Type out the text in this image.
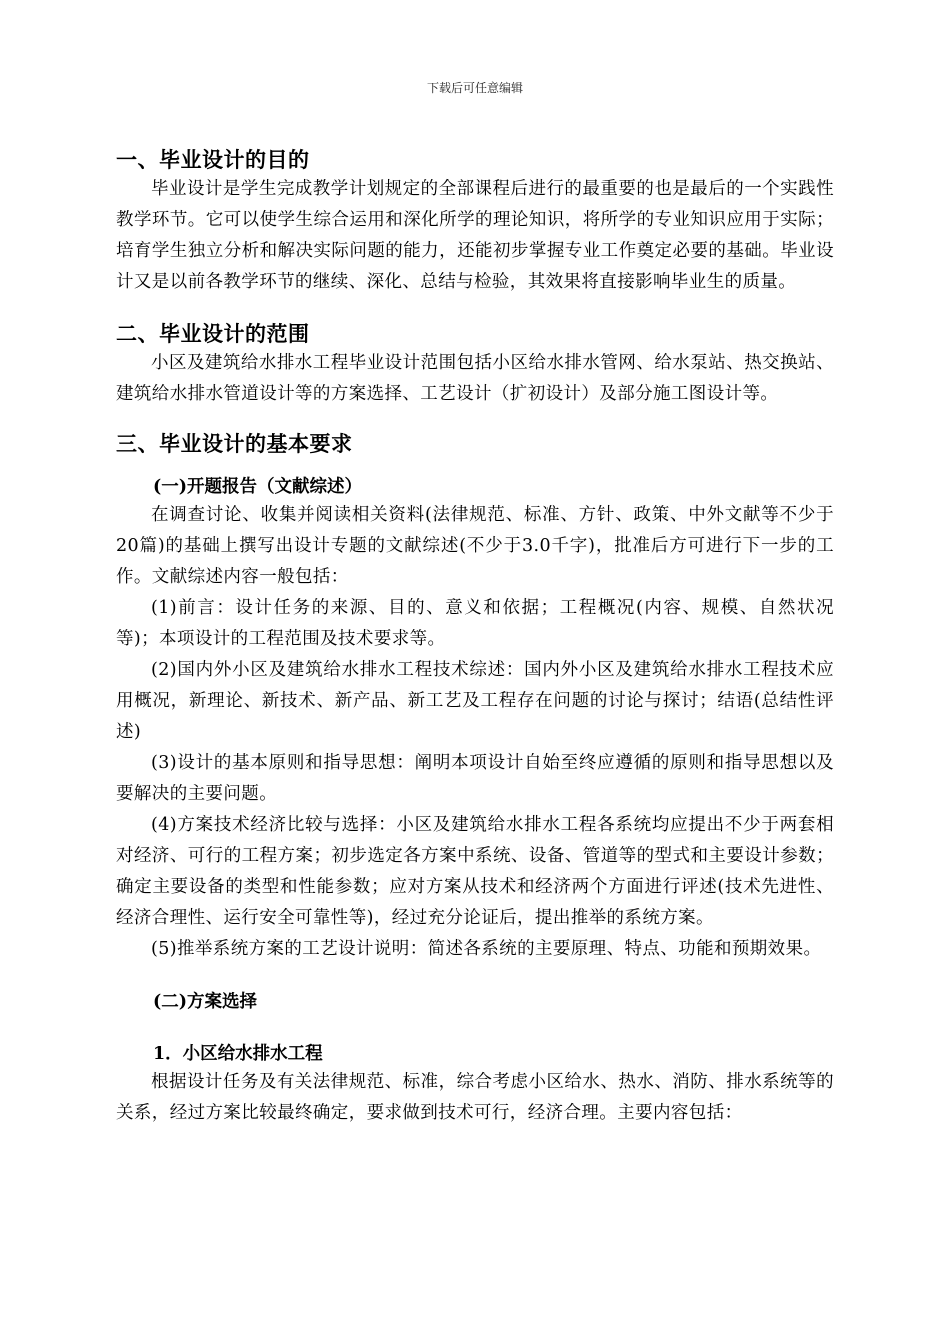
下载后可任意编辑
一、毕业设计的目的

毕业设计是学生完成教学计划规定的全部课程后进行的最重要的也是最后的一个实践性教学环节。它可以使学生综合运用和深化所学的理论知识，将所学的专业知识应用于实际；培育学生独立分析和解决实际问题的能力，还能初步掌握专业工作奠定必要的基础。毕业设计又是以前各教学环节的继续、深化、总结与检验，其效果将直接影响毕业生的质量。

二、毕业设计的范围

小区及建筑给水排水工程毕业设计范围包括小区给水排水管网、给水泵站、热交换站、建筑给水排水管道设计等的方案选择、工艺设计（扩初设计）及部分施工图设计等。

三、毕业设计的基本要求
(一)开题报告（文献综述）

在调查讨论、收集并阅读相关资料(法律规范、标准、方针、政策、中外文献等不少于20篇)的基础上撰写出设计专题的文献综述(不少于3.0千字)，批准后方可进行下一步的工作。文献综述内容一般包括：

(1)前言：设计任务的来源、目的、意义和依据；工程概况(内容、规模、自然状况等)；本项设计的工程范围及技术要求等。

(2)国内外小区及建筑给水排水工程技术综述：国内外小区及建筑给水排水工程技术应用概况，新理论、新技术、新产品、新工艺及工程存在问题的讨论与探讨；结语(总结性评述)

(3)设计的基本原则和指导思想：阐明本项设计自始至终应遵循的原则和指导思想以及要解决的主要问题。

(4)方案技术经济比较与选择：小区及建筑给水排水工程各系统均应提出不少于两套相对经济、可行的工程方案；初步选定各方案中系统、设备、管道等的型式和主要设计参数；确定主要设备的类型和性能参数；应对方案从技术和经济两个方面进行评述(技术先进性、经济合理性、运行安全可靠性等)，经过充分论证后，提出推举的系统方案。

(5)推举系统方案的工艺设计说明：简述各系统的主要原理、特点、功能和预期效果。

(二)方案选择
1．小区给水排水工程

根据设计任务及有关法律规范、标准，综合考虑小区给水、热水、消防、排水系统等的关系，经过方案比较最终确定，要求做到技术可行，经济合理。主要内容包括：
